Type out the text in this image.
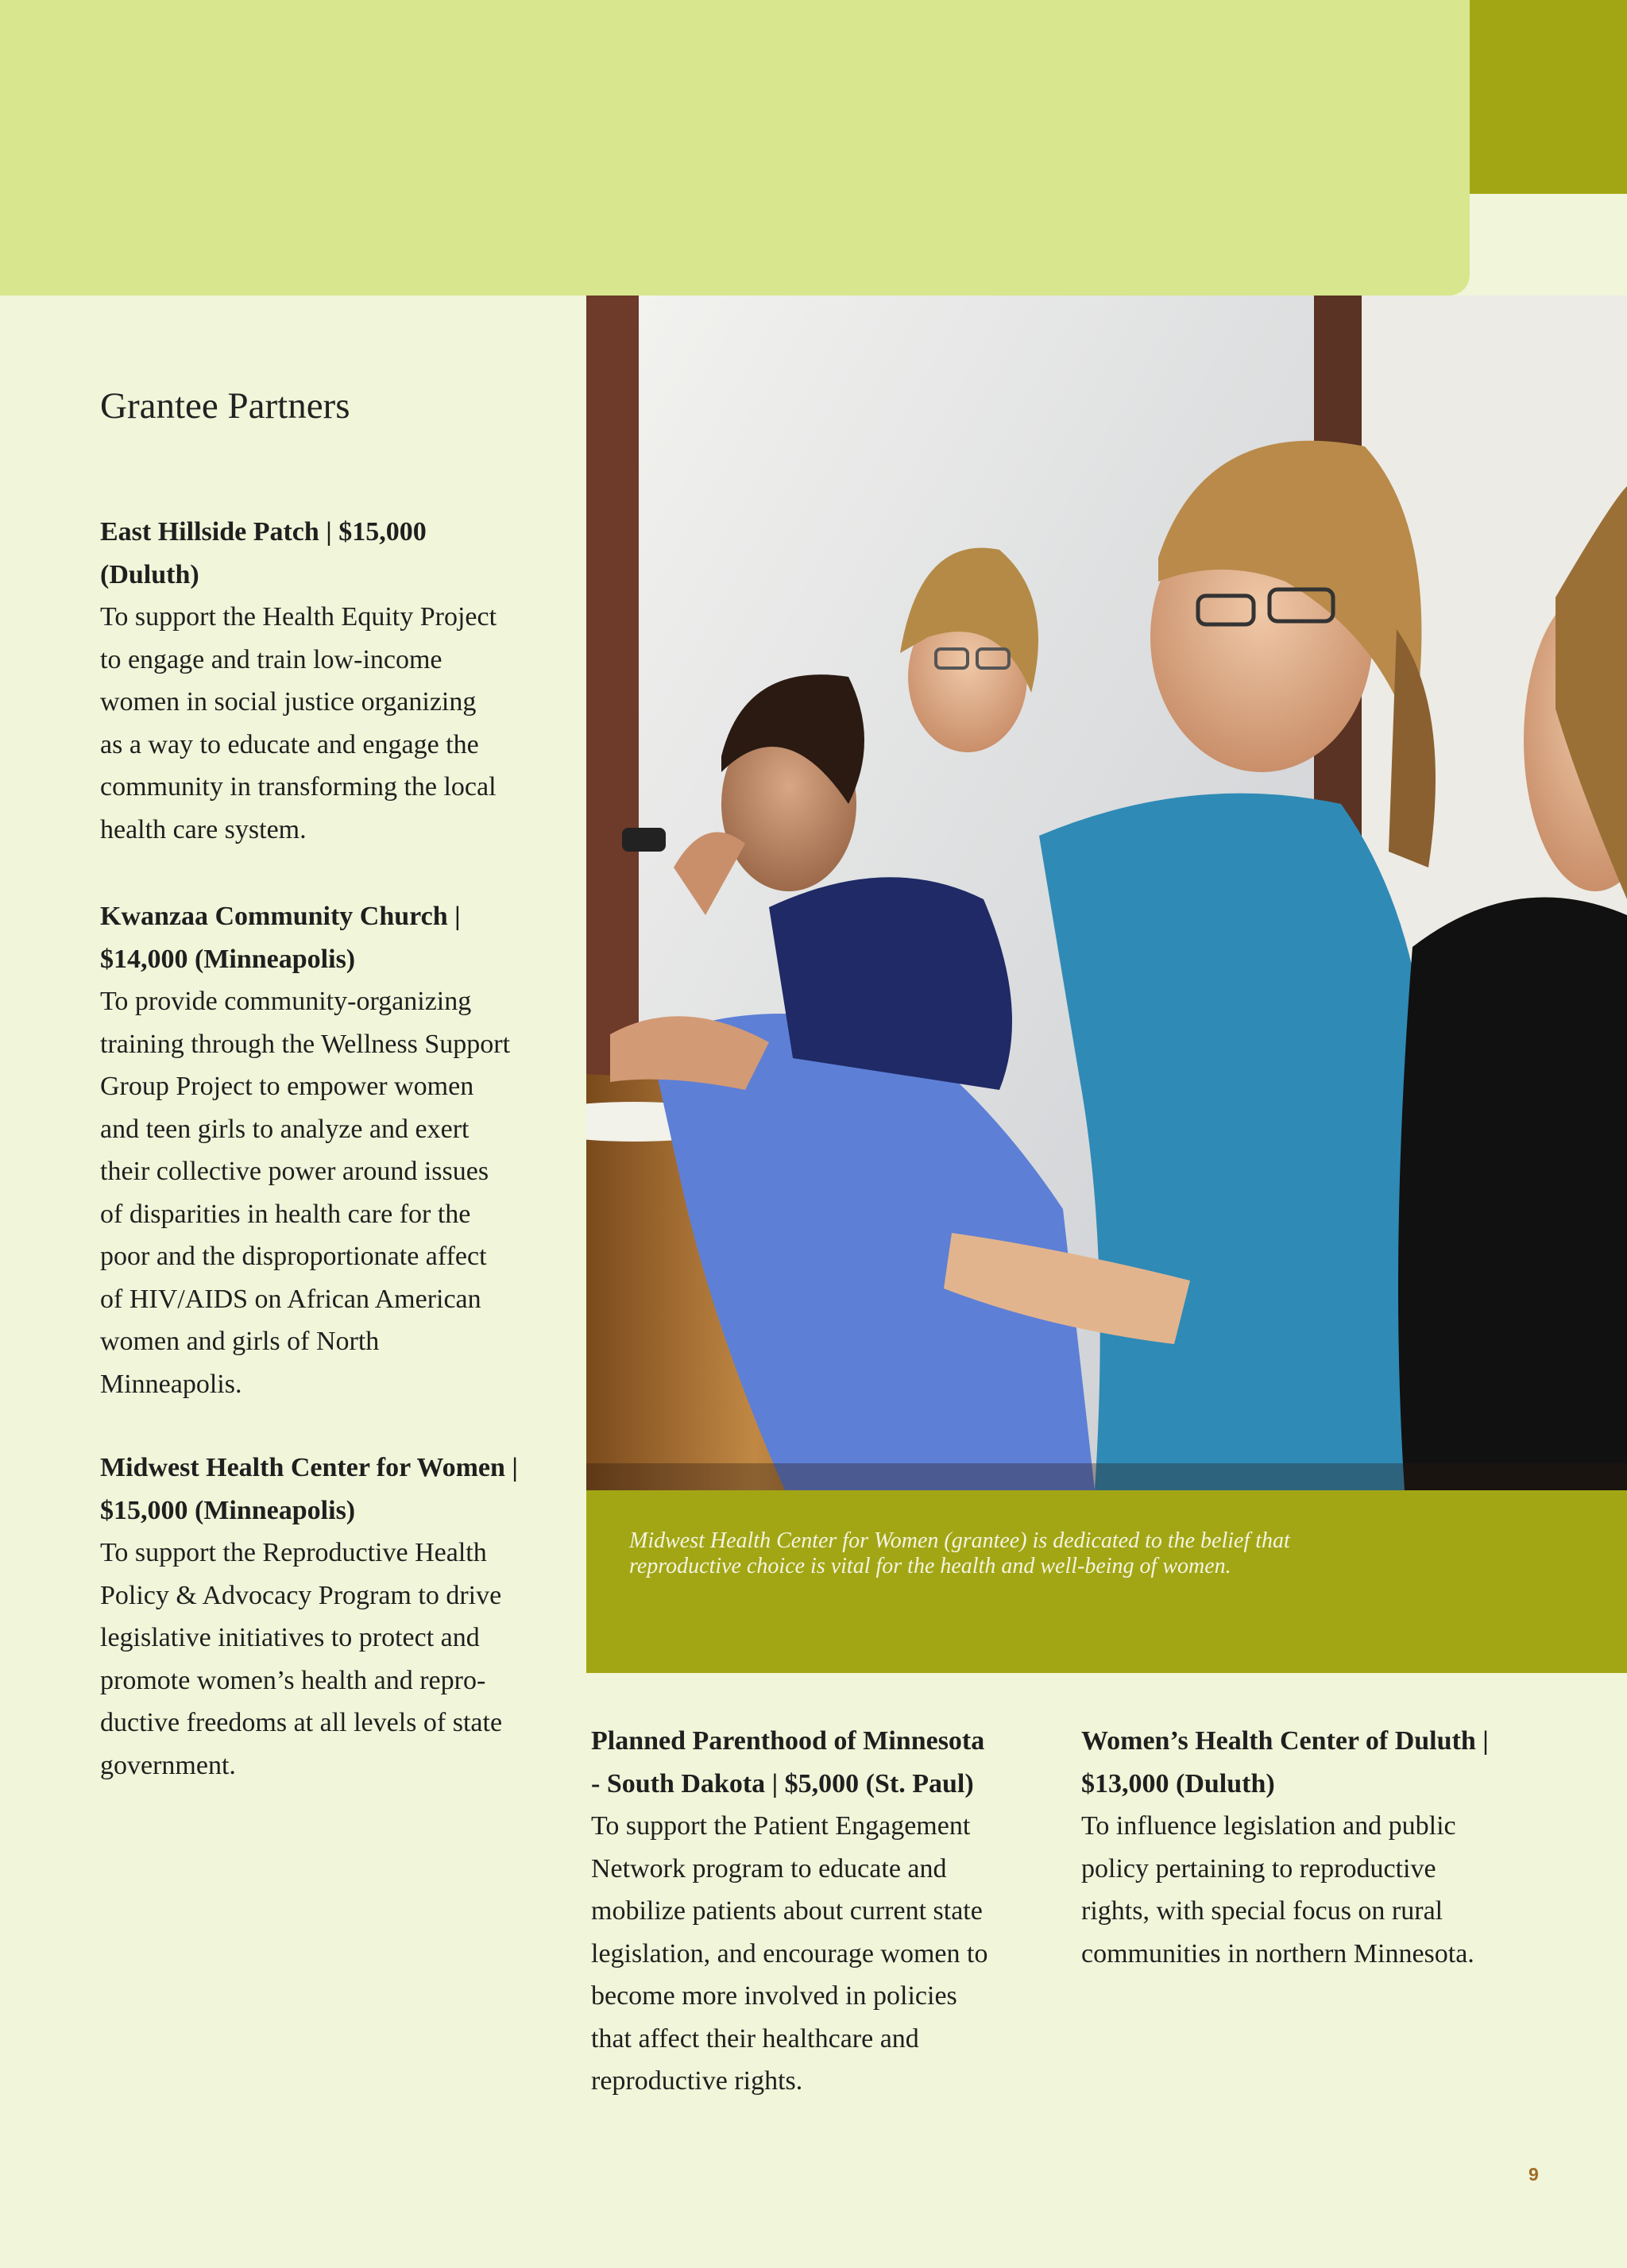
Grantee Partners

East Hillside Patch | $15,000
(Duluth)

To support the Health Equity Project
to engage and train low-income
women in social justice organizing
as a way to educate and engage the
community in transforming the local
health care system.

Kwanzaa Community Church |
$14,000 (Minneapolis)

To provide community-organizing
training through the Wellness Support
Group Project to empower women
and teen girls to analyze and exert
their collective power around issues
of disparities in health care for the
poor and the disproportionate affect
of HIV/AIDS on African American
women and girls of North
Minneapolis.

Midwest Health Center for Women |
$15,000 (Minneapolis)

To support the Reproductive Health
Policy & Advocacy Program to drive
legislative initiatives to protect and
promote women’s health and repro-
ductive freedoms at all levels of state
government.

Midwest Health Center for Women (grantee) is dedicated to the belief that
reproductive choice is vital for the health and well-being of women.

Planned Parenthood of Minnesota
- South Dakota | $5,000 (St. Paul)

To support the Patient Engagement
Network program to educate and
mobilize patients about current state
legislation, and encourage women to
become more involved in policies
that affect their healthcare and
reproductive rights.

Women’s Health Center of Duluth |
$13,000 (Duluth)

To influence legislation and public
policy pertaining to reproductive
rights, with special focus on rural
communities in northern Minnesota.

9
